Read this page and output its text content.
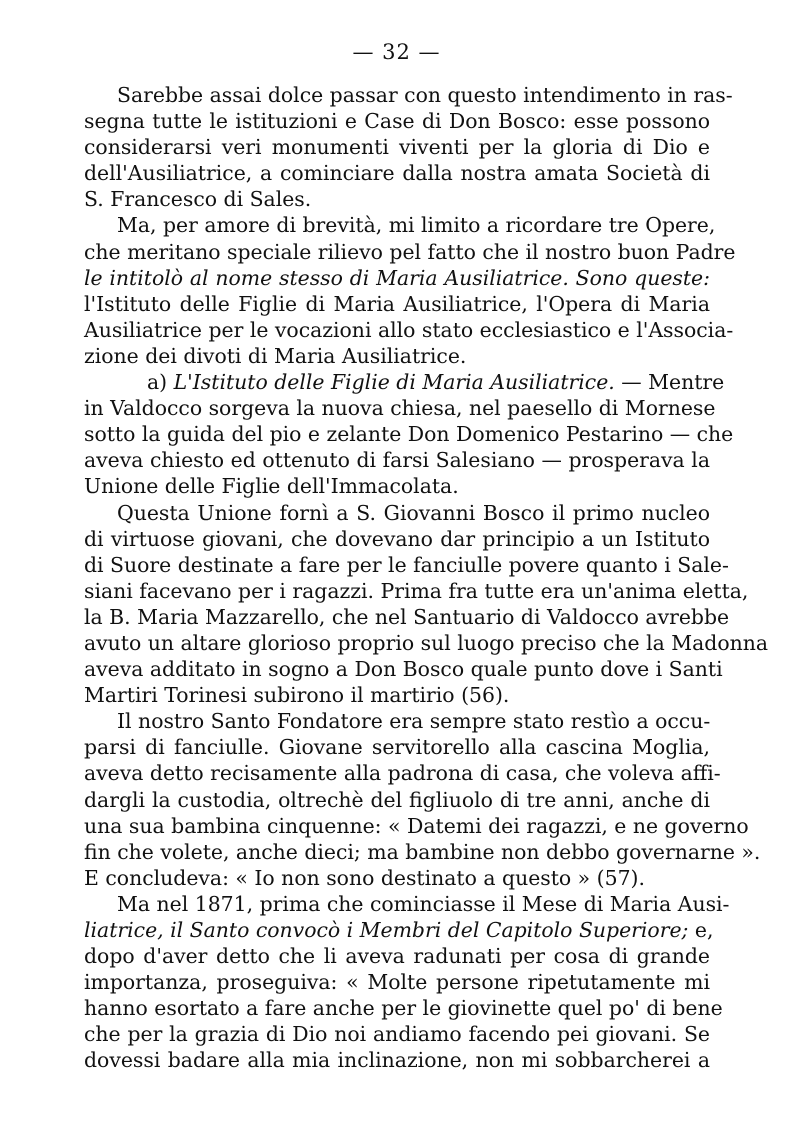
— 32 —
Sarebbe assai dolce passar con questo intendimento in ras-
segna tutte le istituzioni e Case di Don Bosco: esse possono
considerarsi veri monumenti viventi per la gloria di Dio e
dell'Ausiliatrice, a cominciare dalla nostra amata Società di
S. Francesco di Sales.
Ma, per amore di brevità, mi limito a ricordare tre Opere,
che meritano speciale rilievo pel fatto che il nostro buon Padre
le intitolò al nome stesso di Maria Ausiliatrice. Sono queste:
l'Istituto delle Figlie di Maria Ausiliatrice, l'Opera di Maria
Ausiliatrice per le vocazioni allo stato ecclesiastico e l'Associa-
zione dei divoti di Maria Ausiliatrice.
a) L'Istituto delle Figlie di Maria Ausiliatrice. — Mentre
in Valdocco sorgeva la nuova chiesa, nel paesello di Mornese
sotto la guida del pio e zelante Don Domenico Pestarino — che
aveva chiesto ed ottenuto di farsi Salesiano — prosperava la
Unione delle Figlie dell'Immacolata.
Questa Unione fornì a S. Giovanni Bosco il primo nucleo
di virtuose giovani, che dovevano dar principio a un Istituto
di Suore destinate a fare per le fanciulle povere quanto i Sale-
siani facevano per i ragazzi. Prima fra tutte era un'anima eletta,
la B. Maria Mazzarello, che nel Santuario di Valdocco avrebbe
avuto un altare glorioso proprio sul luogo preciso che la Madonna
aveva additato in sogno a Don Bosco quale punto dove i Santi
Martiri Torinesi subirono il martirio (56).
Il nostro Santo Fondatore era sempre stato restìo a occu-
parsi di fanciulle. Giovane servitorello alla cascina Moglia,
aveva detto recisamente alla padrona di casa, che voleva affi-
dargli la custodia, oltrechè del figliuolo di tre anni, anche di
una sua bambina cinquenne: « Datemi dei ragazzi, e ne governo
fin che volete, anche dieci; ma bambine non debbo governarne ».
E concludeva: « Io non sono destinato a questo » (57).
Ma nel 1871, prima che cominciasse il Mese di Maria Ausi-
liatrice, il Santo convocò i Membri del Capitolo Superiore; e,
dopo d'aver detto che li aveva radunati per cosa di grande
importanza, proseguiva: « Molte persone ripetutamente mi
hanno esortato a fare anche per le giovinette quel po' di bene
che per la grazia di Dio noi andiamo facendo pei giovani. Se
dovessi badare alla mia inclinazione, non mi sobbarcherei a
